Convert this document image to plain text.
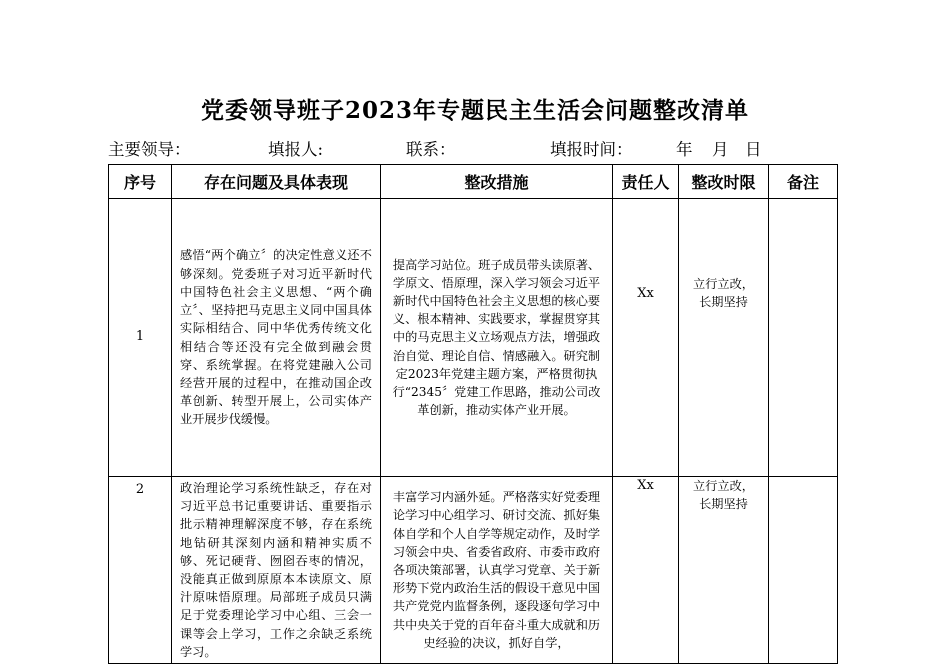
党委领导班子2023年专题民主生活会问题整改清单
主要领导：	填报人:	联系：	填报时间：	年 月 日
序号	存在问题及具体表现	整改措施	责任人	整改时限	备注
1	感悟“两个确立〞的决定性意义还不够深刻。党委班子对习近平新时代中国特色社会主义思想、“两个确立〞、坚持把马克思主义同中国具体实际相结合、同中华优秀传统文化相结合等还没有完全做到融会贯穿、系统掌握。在将党建融入公司经营开展的过程中，在推动国企改革创新、转型开展上，公司实体产业开展步伐缓慢。	提高学习站位。班子成员带头读原著、学原文、悟原理，深入学习领会习近平新时代中国特色社会主义思想的核心要义、根本精神、实践要求，掌握贯穿其中的马克思主义立场观点方法，增强政治自觉、理论自信、情感融入。研究制定2023年党建主题方案，严格贯彻执行“2345〞党建工作思路，推动公司改革创新，推动实体产业开展。	Xx	立行立改，
长期坚持	

2	政治理论学习系统性缺乏，存在对习近平总书记重要讲话、重要指示批示精神理解深度不够，存在系统地钻研其深刻内涵和精神实质不够、死记硬背、囫囵吞枣的情况，没能真正做到原原本本读原文、原汁原味悟原理。局部班子成员只满足于党委理论学习中心组、三会一课等会上学习，工作之余缺乏系统学习。	丰富学习内涵外延。严格落实好党委理论学习中心组学习、研讨交流、抓好集体自学和个人自学等规定动作，及时学习领会中央、省委省政府、市委市政府各项决策部署，认真学习党章、关于新形势下党内政治生活的假设干意见中国共产党党内监督条例，逐段逐句学习中共中央关于党的百年奋斗重大成就和历史经验的决议，抓好自学，	Xx	立行立改，
长期坚持	
